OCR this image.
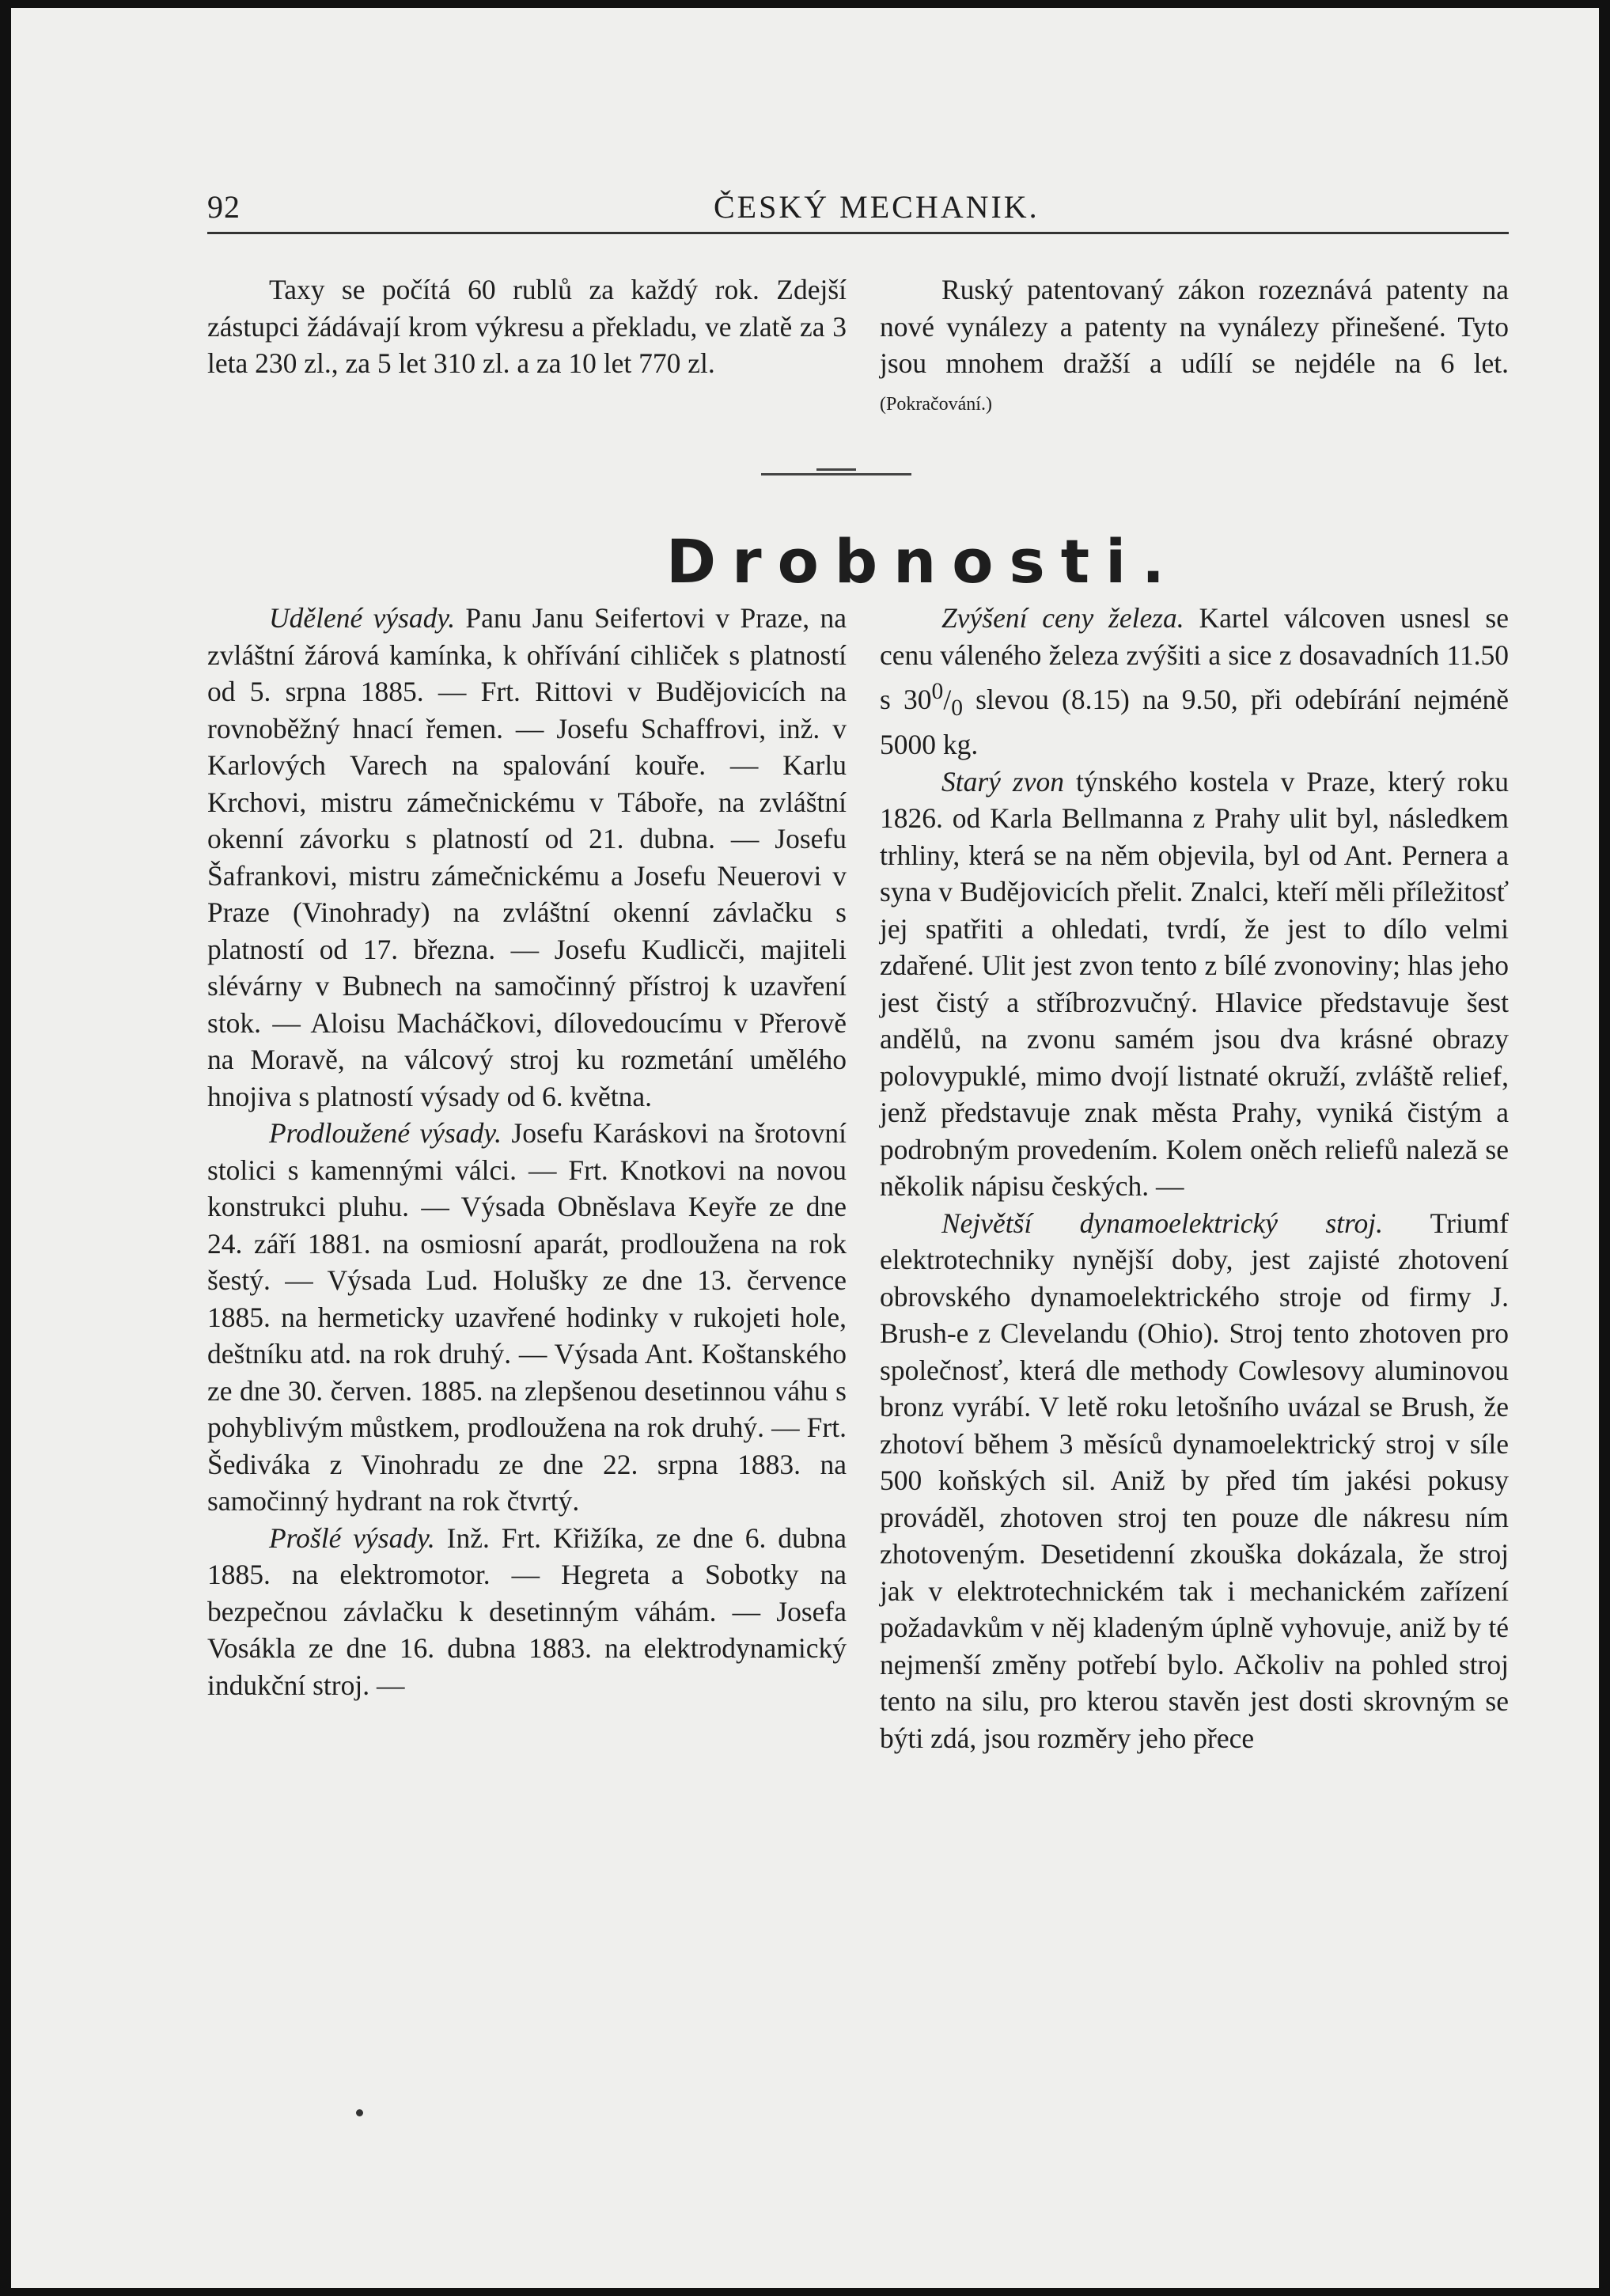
92	ČESKÝ MECHANIK.

Taxy se počítá 60 rublů za každý rok. Zdejší zástupci žádávají krom výkresu a překladu, ve zlatě za 3 leta 230 zl., za 5 let 310 zl. a za 10 let 770 zl.

Ruský patentovaný zákon rozeznává patenty na nové vynálezy a patenty na vynálezy přinešené. Tyto jsou mnohem dražší a udílí se nejdéle na 6 let. (Pokračování.)

Drobnosti.

Udělené výsady. Panu Janu Seifertovi v Praze, na zvláštní žárová kamínka, k ohřívání cihliček s platností od 5. srpna 1885. — Frt. Rittovi v Budějovicích na rovnoběžný hnací řemen. — Josefu Schaffrovi, inž. v Karlových Varech na spalování kouře. — Karlu Krchovi, mistru zámečnickému v Táboře, na zvláštní okenní závorku s platností od 21. dubna. — Josefu Šafrankovi, mistru zámečnickému a Josefu Neuerovi v Praze (Vinohrady) na zvláštní okenní závlačku s platností od 17. března. — Josefu Kudlicči, majiteli slévárny v Bubnech na samočinný přístroj k uzavření stok. — Aloisu Macháčkovi, dílovedoucímu v Přerově na Moravě, na válcový stroj ku rozmetání umělého hnojiva s platností výsady od 6. května.

Prodloužené výsady. Josefu Karáskovi na šrotovní stolici s kamennými válci. — Frt. Knotkovi na novou konstrukci pluhu. — Výsada Obněslava Keyře ze dne 24. září 1881. na osmiosní aparát, prodloužena na rok šestý. — Výsada Lud. Holušky ze dne 13. července 1885. na hermeticky uzavřené hodinky v rukojeti hole, deštníku atd. na rok druhý. — Výsada Ant. Koštanského ze dne 30. červen. 1885. na zlepšenou desetinnou váhu s pohyblivým můstkem, prodloužena na rok druhý. — Frt. Šediváka z Vinohradu ze dne 22. srpna 1883. na samočinný hydrant na rok čtvrtý.

Prošlé výsady. Inž. Frt. Křižíka, ze dne 6. dubna 1885. na elektromotor. — Hegreta a Sobotky na bezpečnou závlačku k desetinným váhám. — Josefa Vosákla ze dne 16. dubna 1883. na elektrodynamický indukční stroj. —

Zvýšení ceny železa. Kartel válcoven usnesl se cenu váleného železa zvýšiti a sice z dosavadních 11.50 s $30^0/_0$ slevou (8.15) na 9.50, při odebírání nejméně 5000 kg.

Starý zvon týnského kostela v Praze, který roku 1826. od Karla Bellmanna z Prahy ulit byl, následkem trhliny, která se na něm objevila, byl od Ant. Pernera a syna v Budějovicích přelit. Znalci, kteří měli příležitosť jej spatřiti a ohledati, tvrdí, že jest to dílo velmi zdařené. Ulit jest zvon tento z bílé zvonoviny; hlas jeho jest čistý a stříbrozvučný. Hlavice představuje šest andělů, na zvonu samém jsou dva krásné obrazy polovypuklé, mimo dvojí listnaté okruží, zvláště relief, jenž představuje znak města Prahy, vyniká čistým a podrobným provedením. Kolem oněch reliefů naleză se několik nápisu českých. —

Největší dynamoelektrický stroj. Triumf elektrotechniky nynější doby, jest zajisté zhotovení obrovského dynamoelektrického stroje od firmy J. Brush-e z Clevelandu (Ohio). Stroj tento zhotoven pro společnosť, která dle methody Cowlesovy aluminovou bronz vyrábí. V letě roku letošního uvázal se Brush, že zhotoví během 3 měsíců dynamoelektrický stroj v síle 500 koňských sil. Aniž by před tím jakési pokusy prováděl, zhotoven stroj ten pouze dle nákresu ním zhotoveným. Desetidenní zkouška dokázala, že stroj jak v elektrotechnickém tak i mechanickém zařízení požadavkům v něj kladeným úplně vyhovuje, aniž by té nejmenší změny potřebí bylo. Ačkoliv na pohled stroj tento na silu, pro kterou stavěn jest dosti skrovným se býti zdá, jsou rozměry jeho přece
